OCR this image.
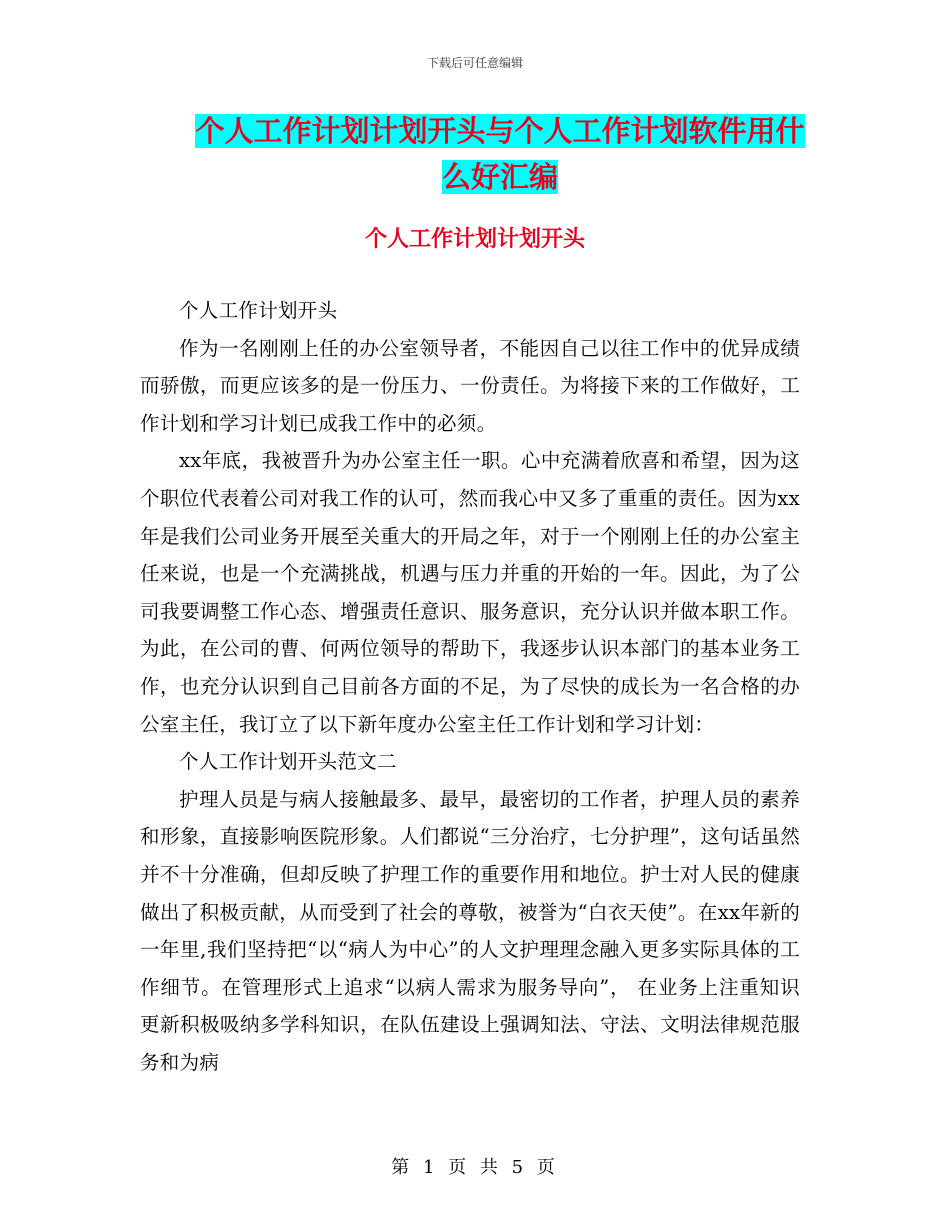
下载后可任意编辑
个人工作计划计划开头与个人工作计划软件用什么好汇编
个人工作计划计划开头

个人工作计划开头

作为一名刚刚上任的办公室领导者，不能因自己以往工作中的优异成绩而骄傲，而更应该多的是一份压力、一份责任。为将接下来的工作做好，工作计划和学习计划已成我工作中的必须。

xx年底，我被晋升为办公室主任一职。心中充满着欣喜和希望，因为这个职位代表着公司对我工作的认可，然而我心中又多了重重的责任。因为xx年是我们公司业务开展至关重大的开局之年，对于一个刚刚上任的办公室主任来说，也是一个充满挑战，机遇与压力并重的开始的一年。因此，为了公司我要调整工作心态、增强责任意识、服务意识，充分认识并做本职工作。为此，在公司的曹、何两位领导的帮助下，我逐步认识本部门的基本业务工作，也充分认识到自己目前各方面的不足，为了尽快的成长为一名合格的办公室主任，我订立了以下新年度办公室主任工作计划和学习计划：

个人工作计划开头范文二

护理人员是与病人接触最多、最早，最密切的工作者，护理人员的素养和形象，直接影响医院形象。人们都说“三分治疗，七分护理”，这句话虽然并不十分准确，但却反映了护理工作的重要作用和地位。护士对人民的健康做出了积极贡献，从而受到了社会的尊敬，被誉为“白衣天使”。在xx年新的一年里,我们坚持把“以“病人为中心”的人文护理理念融入更多实际具体的工作细节。在管理形式上追求“以病人需求为服务导向”， 在业务上注重知识更新积极吸纳多学科知识，在队伍建设上强调知法、守法、文明法律规范服务和为病

第 1 页 共 5 页
